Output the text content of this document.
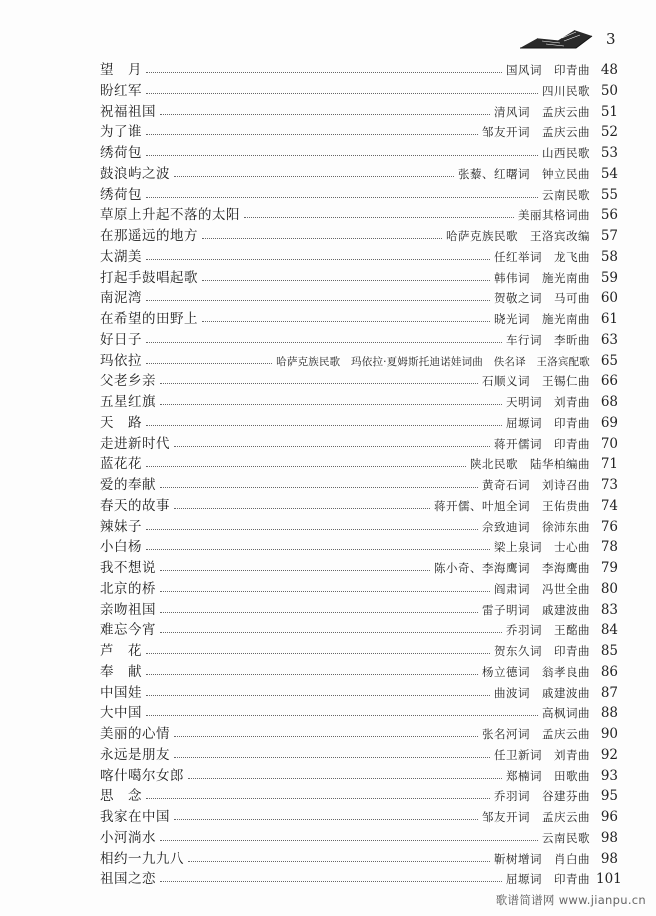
3
望　月	国风词　印青曲 48
盼红军	四川民歌 50
祝福祖国	清风词　孟庆云曲 51
为了谁	邹友开词　孟庆云曲 52
绣荷包	山西民歌 53
鼓浪屿之波	张藜、红曙词　钟立民曲 54
绣荷包	云南民歌 55
草原上升起不落的太阳	美丽其格词曲 56
在那遥远的地方	哈萨克族民歌　王洛宾改编 57
太湖美	任红举词　龙飞曲 58
打起手鼓唱起歌	韩伟词　施光南曲 59
南泥湾	贺敬之词　马可曲 60
在希望的田野上	晓光词　施光南曲 61
好日子	车行词　李昕曲 63
玛依拉	哈萨克族民歌　玛依拉·夏姆斯托迪诺娃词曲　佚名译　王洛宾配歌 65
父老乡亲	石顺义词　王锡仁曲 66
五星红旗	天明词　刘青曲 68
天　路	屈塬词　印青曲 69
走进新时代	蒋开儒词　印青曲 70
蓝花花	陕北民歌　陆华柏编曲 71
爱的奉献	黄奇石词　刘诗召曲 73
春天的故事	蒋开儒、叶旭全词　王佑贵曲 74
辣妹子	佘致迪词　徐沛东曲 76
小白杨	梁上泉词　士心曲 78
我不想说	陈小奇、李海鹰词　李海鹰曲 79
北京的桥	阎肃词　冯世全曲 80
亲吻祖国	雷子明词　戚建波曲 83
难忘今宵	乔羽词　王酩曲 84
芦　花	贺东久词　印青曲 85
奉　献	杨立德词　翁孝良曲 86
中国娃	曲波词　戚建波曲 87
大中国	高枫词曲 88
美丽的心情	张名河词　孟庆云曲 90
永远是朋友	任卫新词　刘青曲 92
喀什噶尔女郎	郑楠词　田歌曲 93
思　念	乔羽词　谷建芬曲 95
我家在中国	邹友开词　孟庆云曲 96
小河淌水	云南民歌 98
相约一九九八	靳树增词　肖白曲 98
祖国之恋	屈塬词　印青曲 101
歌谱简谱网 www.jianpu.cn
